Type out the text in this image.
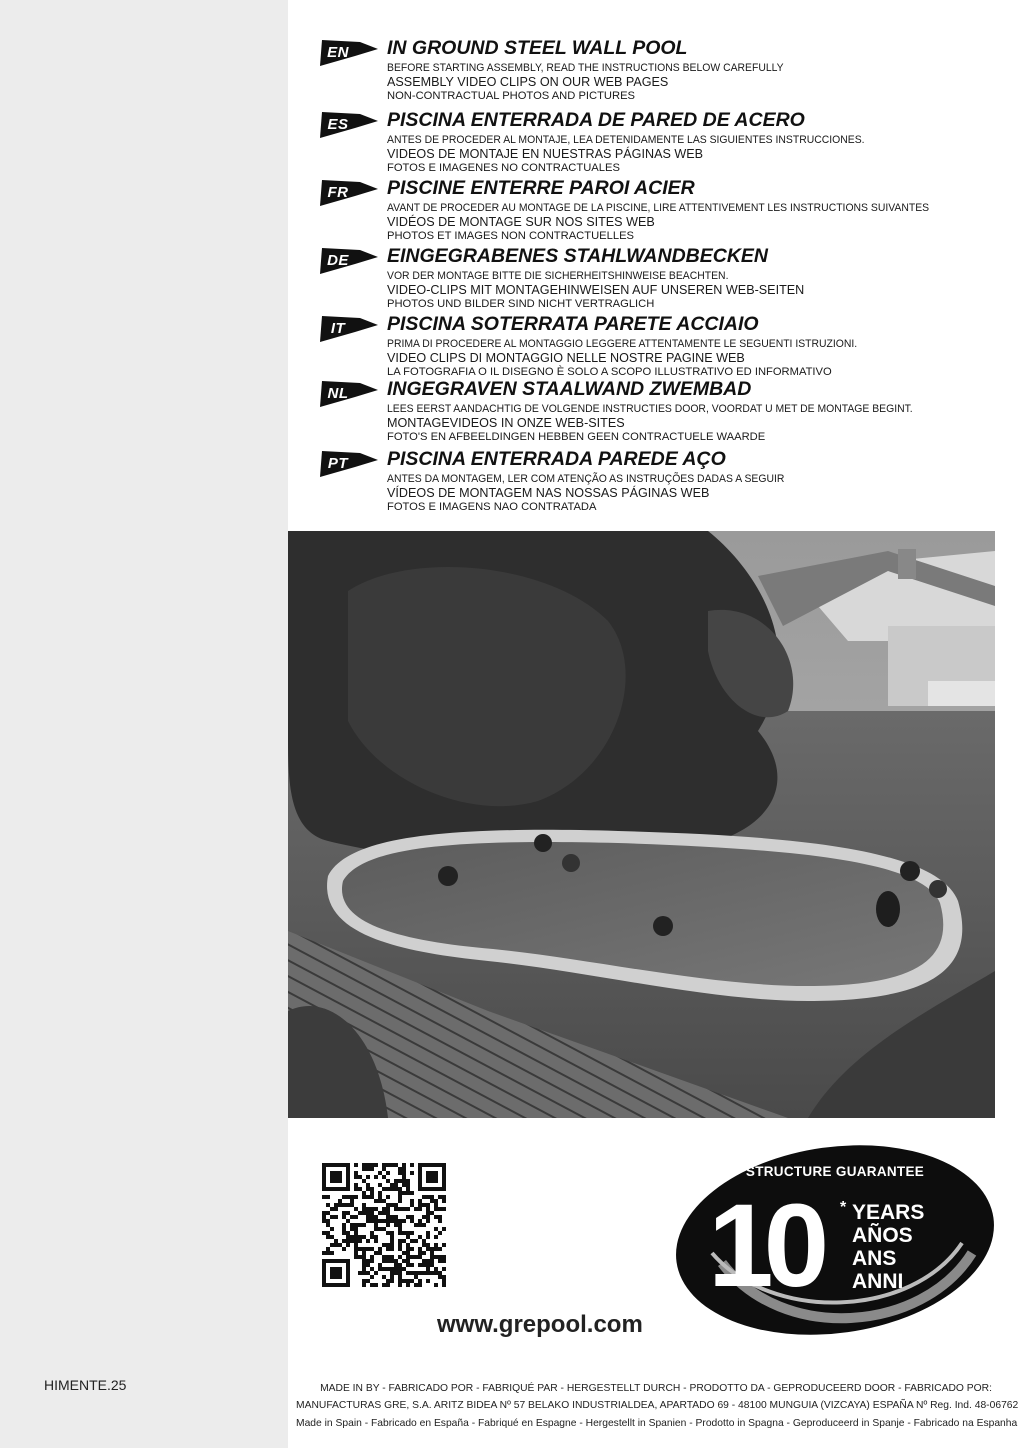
HIMENTE.25
EN IN GROUND STEEL WALL POOL

BEFORE STARTING ASSEMBLY, READ THE INSTRUCTIONS BELOW CAREFULLY

ASSEMBLY VIDEO CLIPS ON OUR WEB PAGES

NON-CONTRACTUAL PHOTOS AND PICTURES

ES PISCINA ENTERRADA DE PARED DE ACERO

ANTES DE PROCEDER AL MONTAJE, LEA DETENIDAMENTE LAS SIGUIENTES INSTRUCCIONES.

VIDEOS DE MONTAJE EN NUESTRAS PÁGINAS WEB

FOTOS E IMAGENES NO CONTRACTUALES

FR PISCINE ENTERRE PAROI ACIER

AVANT DE PROCEDER AU MONTAGE DE LA PISCINE, LIRE ATTENTIVEMENT LES INSTRUCTIONS SUIVANTES

VIDÉOS DE MONTAGE SUR NOS SITES WEB

PHOTOS ET IMAGES NON CONTRACTUELLES

DE EINGEGRABENES STAHLWANDBECKEN

VOR DER MONTAGE BITTE DIE SICHERHEITSHINWEISE BEACHTEN.

VIDEO-CLIPS MIT MONTAGEHINWEISEN AUF UNSEREN WEB-SEITEN

PHOTOS UND BILDER SIND NICHT VERTRAGLICH

IT	PISCINA SOTERRATA PARETE ACCIAIO

PRIMA DI PROCEDERE AL MONTAGGIO LEGGERE ATTENTAMENTE LE SEGUENTI ISTRUZIONI.

VIDEO CLIPS DI MONTAGGIO NELLE NOSTRE PAGINE WEB

LA FOTOGRAFIA O IL DISEGNO È SOLO A SCOPO ILLUSTRATIVO ED INFORMATIVO

NL INGEGRAVEN STAALWAND ZWEMBAD

LEES EERST AANDACHTIG DE VOLGENDE INSTRUCTIES DOOR, VOORDAT U MET DE MONTAGE BEGINT.

MONTAGEVIDEOS IN ONZE WEB-SITES

FOTO'S EN AFBEELDINGEN HEBBEN GEEN CONTRACTUELE WAARDE

PT PISCINA ENTERRADA PAREDE AÇO

ANTES DA MONTAGEM, LER COM ATENÇÃO AS INSTRUÇÕES DADAS A SEGUIR

VÍDEOS DE MONTAGEM NAS NOSSAS PÁGINAS WEB

FOTOS E IMAGENS NAO CONTRATADA

www.grepool.com
STRUCTURE GUARANTEE
10 * YEARS
AÑOS
ANS
ANNI
MADE IN BY - FABRICADO POR - FABRIQUÉ PAR - HERGESTELLT DURCH - PRODOTTO DA - GEPRODUCEERD DOOR - FABRICADO POR:
MANUFACTURAS GRE, S.A. ARITZ BIDEA Nº 57 BELAKO INDUSTRIALDEA, APARTADO 69 - 48100 MUNGUIA (VIZCAYA) ESPAÑA Nº Reg. Ind. 48-06762
Made in Spain - Fabricado en España - Fabriqué en Espagne - Hergestellt in Spanien - Prodotto in Spagna - Geproduceerd in Spanje - Fabricado na Espanha
